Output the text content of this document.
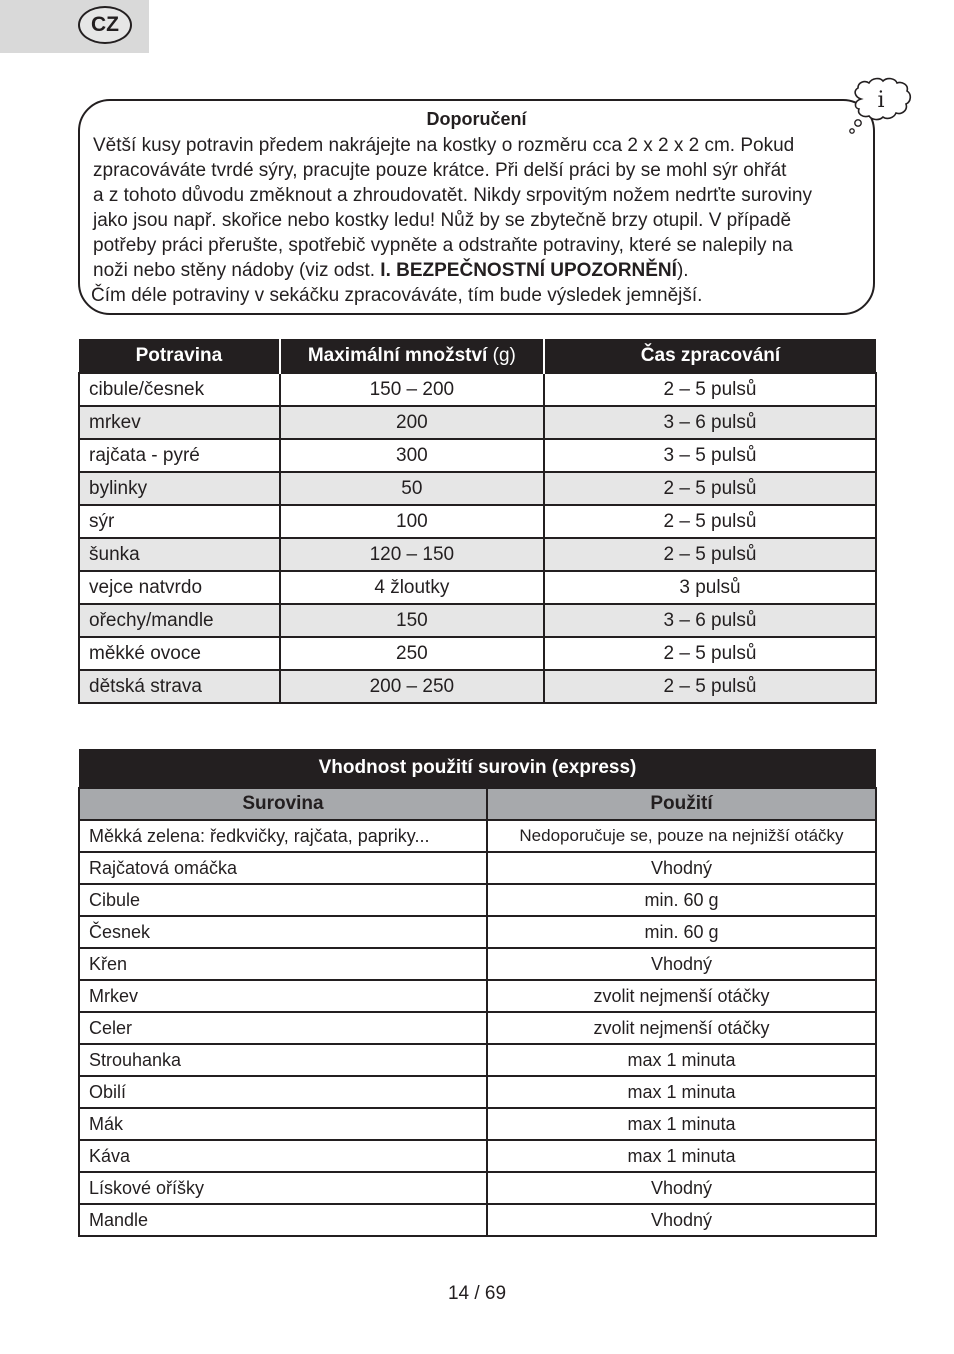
CZ
Doporučení
Větší kusy potravin předem nakrájejte na kostky o rozměru cca 2 x 2 x 2 cm. Pokud
zpracováváte tvrdé sýry, pracujte pouze krátce. Při delší práci by se mohl sýr ohřát
a z tohoto důvodu změknout a zhroudovatět. Nikdy srpovitým nožem nedrťte suroviny
jako jsou např. skořice nebo kostky ledu! Nůž by se zbytečně brzy otupil. V případě
potřeby práci přerušte, spotřebič vypněte a odstraňte potraviny, které se nalepily na
noži nebo stěny nádoby (viz odst. I. BEZPEČNOSTNÍ UPOZORNĚNÍ).
Čím déle potraviny v sekáčku zpracováváte, tím bude výsledek jemnější.
i
Potravina	Maximální množství (g)	Čas zpracování
cibule/česnek	150 – 200	2 – 5 pulsů
mrkev	200	3 – 6 pulsů
rajčata - pyré	300	3 – 5 pulsů
bylinky	50	2 – 5 pulsů
sýr	100	2 – 5 pulsů
šunka	120 – 150	2 – 5 pulsů
vejce natvrdo	4 žloutky	3 pulsů
ořechy/mandle	150	3 – 6 pulsů
měkké ovoce	250	2 – 5 pulsů
dětská strava	200 – 250	2 – 5 pulsů
Vhodnost použití surovin (express)	
Surovina	Použití
Měkká zelena: ředkvičky, rajčata, papriky...	Nedoporučuje se, pouze na nejnižší otáčky
Rajčatová omáčka	Vhodný
Cibule	min. 60 g
Česnek	min. 60 g
Křen	Vhodný
Mrkev	zvolit nejmenší otáčky
Celer	zvolit nejmenší otáčky
Strouhanka	max 1 minuta
Obilí	max 1 minuta
Mák	max 1 minuta
Káva	max 1 minuta
Lískové oříšky	Vhodný
Mandle	Vhodný
14 / 69
